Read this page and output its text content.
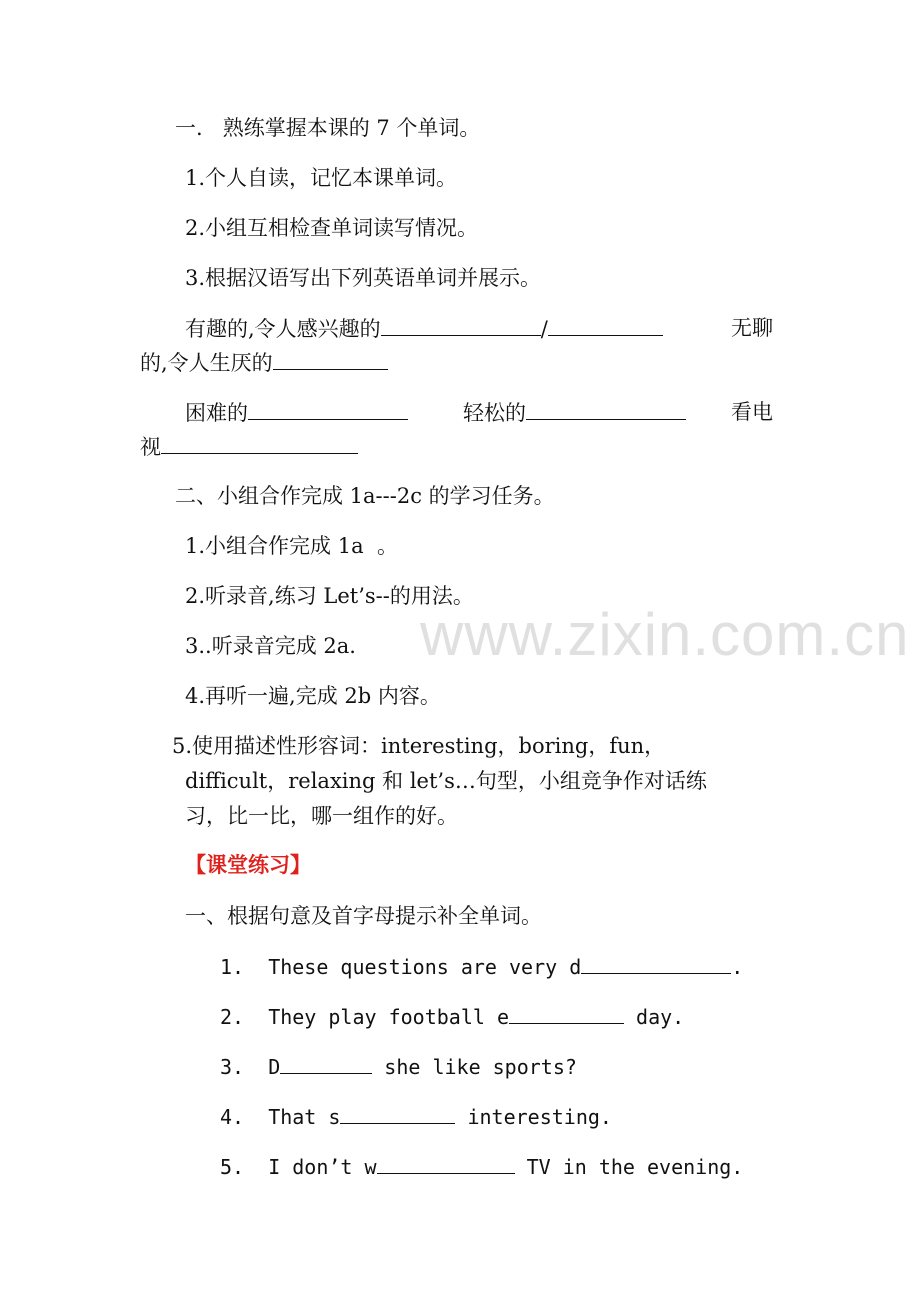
一.   熟练掌握本课的 7 个单词。
1.个人自读，记忆本课单词。
2.小组互相检查单词读写情况。
3.根据汉语写出下列英语单词并展示。
有趣的,令人感兴趣的	/	无聊
的,令人生厌的
困难的	轻松的	看电
视
二、小组合作完成 1a---2c 的学习任务。
1.小组合作完成 1a  。
2.听录音,练习 Let’s--的用法。
3..听录音完成 2a.
4.再听一遍,完成 2b 内容。
5.使用描述性形容词：interesting，boring，fun，
difficult，relaxing 和 let’s…句型，小组竞争作对话练
习，比一比，哪一组作的好。
【课堂练习】
一、根据句意及首字母提示补全单词。
1. These questions are very d	.
2. They play football e	day.
3. D	she like sports?
4. That s	interesting.
5. I don’t w	TV in the evening.
www.zixin.com.cn
